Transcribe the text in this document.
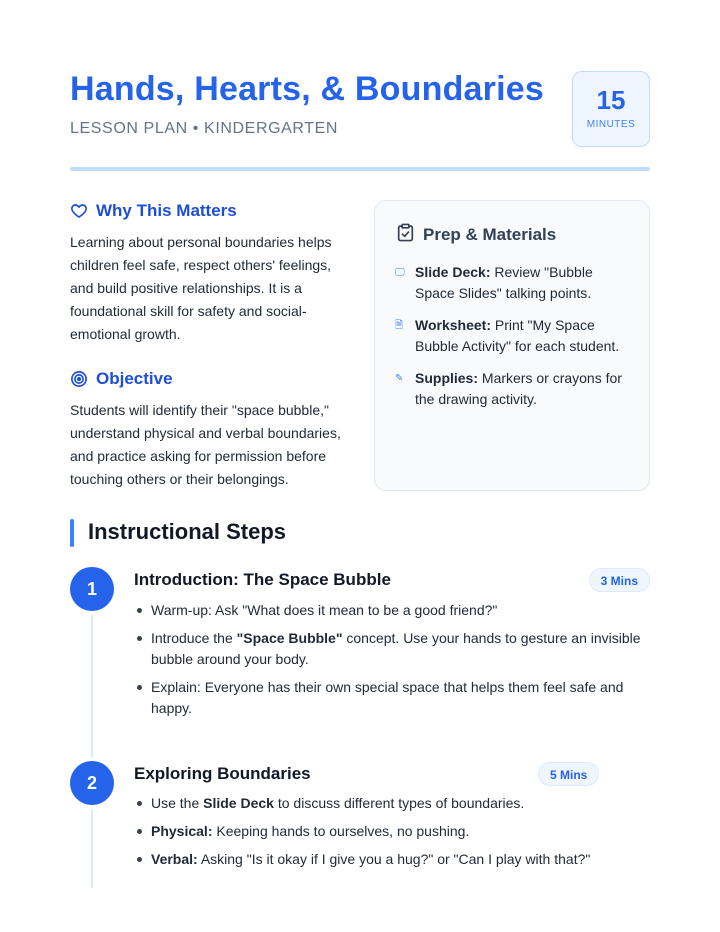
Hands, Hearts, & Boundaries
LESSON PLAN • KINDERGARTEN
15
MINUTES
Why This Matters

Learning about personal boundaries helps children feel safe, respect others' feelings, and build positive relationships. It is a foundational skill for safety and social-emotional growth.

Objective

Students will identify their "space bubble," understand physical and verbal boundaries, and practice asking for permission before touching others or their belongings.

Prep & Materials
🖵 Slide Deck: Review "Bubble Space Slides" talking points.
🗎 Worksheet: Print "My Space Bubble Activity" for each student.
✎ Supplies: Markers or crayons for the drawing activity.
Instructional Steps
1	Introduction: The Space Bubble	3 Mins
Warm-up: Ask "What does it mean to be a good friend?"
Introduce the "Space Bubble" concept. Use your hands to gesture an invisible bubble around your body.
Explain: Everyone has their own special space that helps them feel safe and happy.
2	Exploring Boundaries	5 Mins
Use the Slide Deck to discuss different types of boundaries.
Physical: Keeping hands to ourselves, no pushing.
Verbal: Asking "Is it okay if I give you a hug?" or "Can I play with that?"
